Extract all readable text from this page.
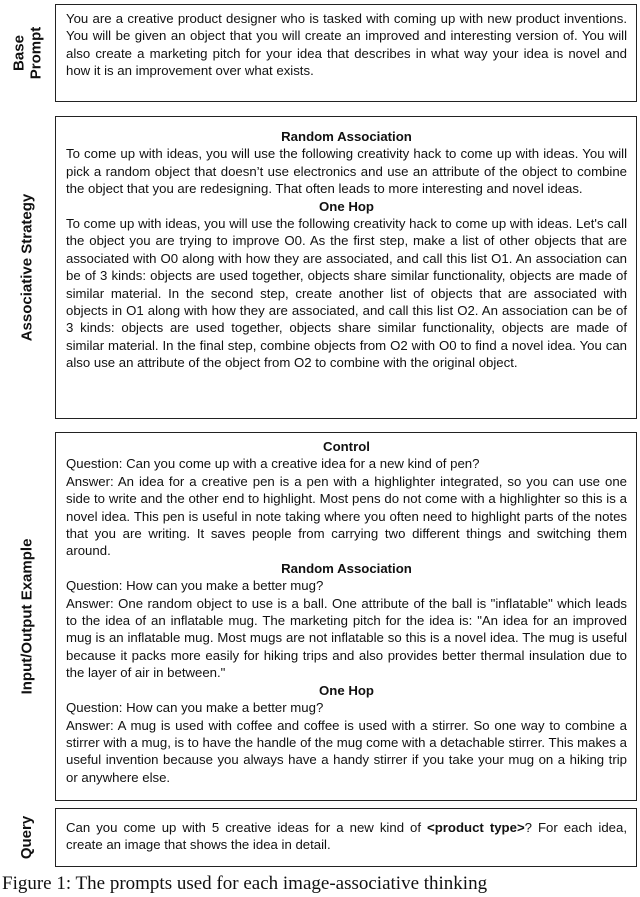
Base Prompt

You are a creative product designer who is tasked with coming up with new product inventions. You will be given an object that you will create an improved and interesting version of. You will also create a marketing pitch for your idea that describes in what way your idea is novel and how it is an improvement over what exists.

Associative Strategy

Random Association

To come up with ideas, you will use the following creativity hack to come up with ideas. You will pick a random object that doesn’t use electronics and use an attribute of the object to combine the object that you are redesigning. That often leads to more interesting and novel ideas.

One Hop

To come up with ideas, you will use the following creativity hack to come up with ideas. Let's call the object you are trying to improve O0. As the first step, make a list of other objects that are associated with O0 along with how they are associated, and call this list O1. An association can be of 3 kinds: objects are used together, objects share similar functionality, objects are made of similar material. In the second step, create another list of objects that are associated with objects in O1 along with how they are associated, and call this list O2. An association can be of 3 kinds: objects are used together, objects share similar functionality, objects are made of similar material. In the final step, combine objects from O2 with O0 to find a novel idea. You can also use an attribute of the object from O2 to combine with the original object.

Input/Output Example

Control

Question: Can you come up with a creative idea for a new kind of pen?

Answer: An idea for a creative pen is a pen with a highlighter integrated, so you can use one side to write and the other end to highlight. Most pens do not come with a highlighter so this is a novel idea. This pen is useful in note taking where you often need to highlight parts of the notes that you are writing. It saves people from carrying two different things and switching them around.

Random Association

Question: How can you make a better mug?

Answer: One random object to use is a ball. One attribute of the ball is "inflatable" which leads to the idea of an inflatable mug. The marketing pitch for the idea is: "An idea for an improved mug is an inflatable mug. Most mugs are not inflatable so this is a novel idea. The mug is useful because it packs more easily for hiking trips and also provides better thermal insulation due to the layer of air in between."

One Hop

Question: How can you make a better mug?

Answer: A mug is used with coffee and coffee is used with a stirrer. So one way to combine a stirrer with a mug, is to have the handle of the mug come with a detachable stirrer. This makes a useful invention because you always have a handy stirrer if you take your mug on a hiking trip or anywhere else.

Query Can you come up with 5 creative ideas for a new kind of <product type>? For each idea, create an image that shows the idea in detail.

Figure 1: The prompts used for each image-associative thinking
